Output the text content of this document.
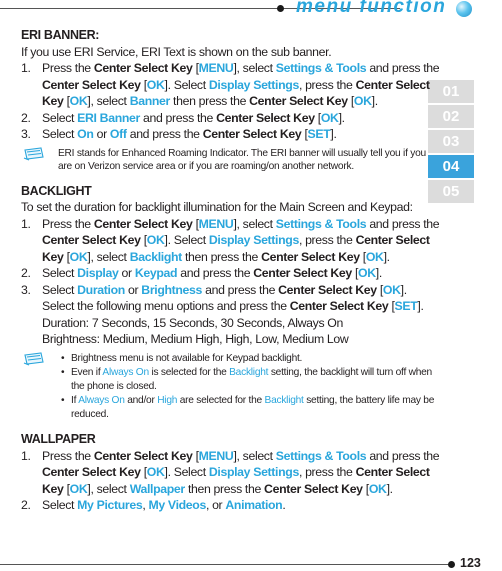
menu function
01
02
03
04
05
ERI BANNER:

If you use ERI Service, ERI Text is shown on the sub banner.

1. Press the Center Select Key [MENU], select Settings & Tools and press the Center Select Key [OK]. Select Display Settings, press the Center Select Key [OK], select Banner then press the Center Select Key [OK].
2. Select ERI Banner and press the Center Select Key [OK].
3. Select On or Off and press the Center Select Key [SET].
ERI stands for Enhanced Roaming Indicator. The ERI banner will usually tell you if you are on Verizon service area or if you are roaming/on another network.
BACKLIGHT

To set the duration for backlight illumination for the Main Screen and Keypad:

1. Press the Center Select Key [MENU], select Settings & Tools and press the Center Select Key [OK]. Select Display Settings, press the Center Select Key [OK], select Backlight then press the Center Select Key [OK].
2. Select Display or Keypad and press the Center Select Key [OK].
3. Select Duration or Brightness and press the Center Select Key [OK]. Select the following menu options and press the Center Select Key [SET].
Duration: 7 Seconds, 15 Seconds, 30 Seconds, Always On
Brightness: Medium, Medium High, High, Low, Medium Low
• Brightness menu is not available for Keypad backlight.
• Even if Always On is selected for the Backlight setting, the backlight will turn off when the phone is closed.
• If Always On and/or High are selected for the Backlight setting, the battery life may be reduced.
WALLPAPER
1. Press the Center Select Key [MENU], select Settings & Tools and press the Center Select Key [OK]. Select Display Settings, press the Center Select Key [OK], select Wallpaper then press the Center Select Key [OK].
2. Select My Pictures, My Videos, or Animation.
123
